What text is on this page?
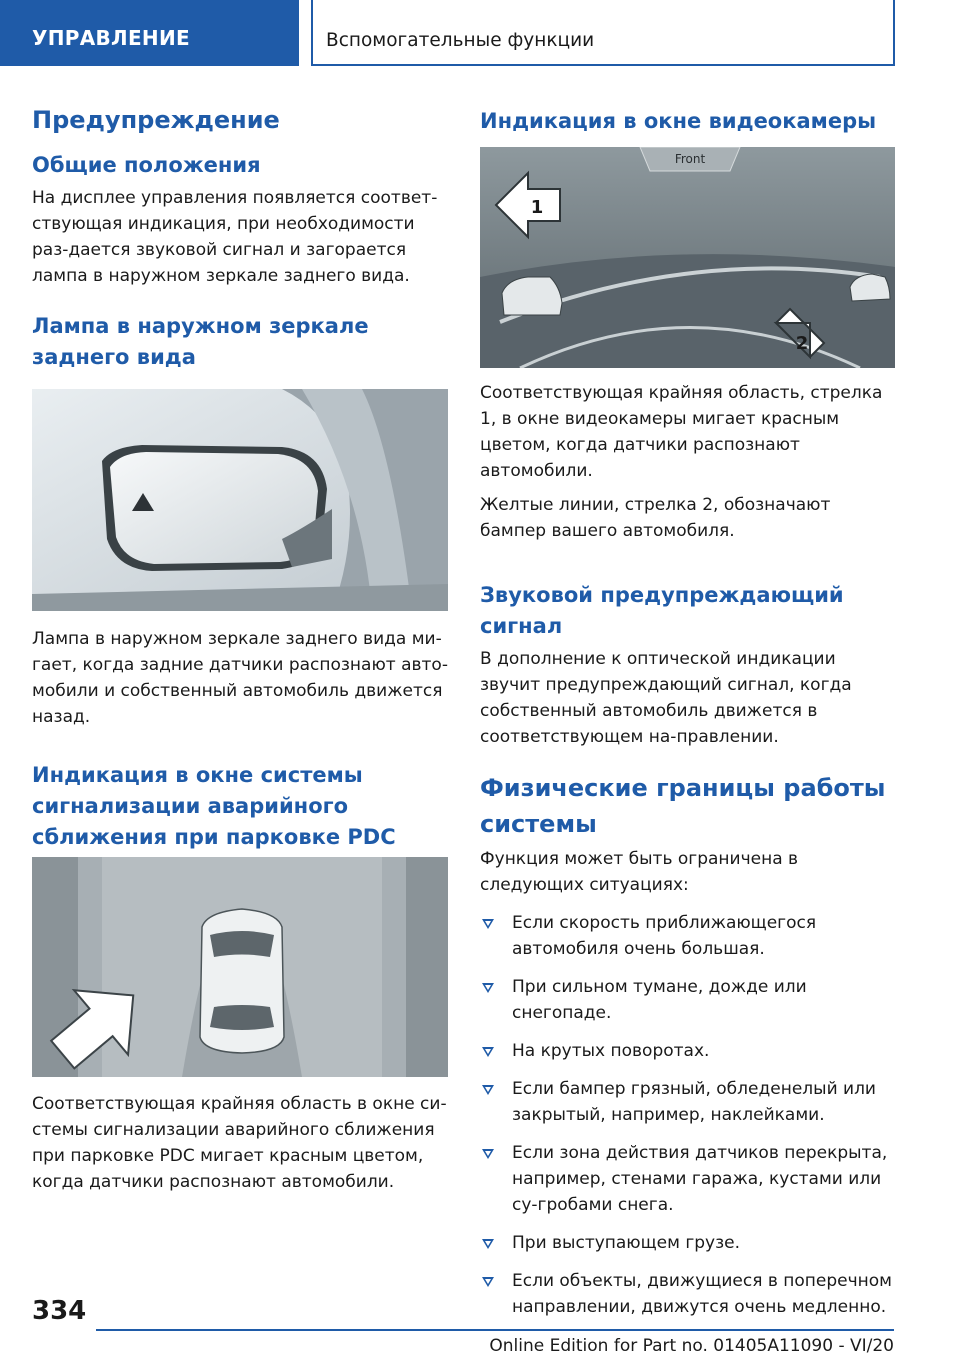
УПРАВЛЕНИЕ	Вспомогательные функции
Предупреждение
Общие положения

На дисплее управления появляется соответ-ствующая индикация, при необходимости раз-дается звуковой сигнал и загорается лампа в наружном зеркале заднего вида.

Лампа в наружном зеркале заднего вида

Лампа в наружном зеркале заднего вида ми-гает, когда задние датчики распознают авто-мобили и собственный автомобиль движется назад.

Индикация в окне системы сигнализации аварийного сближения при парковке PDC

Соответствующая крайняя область в окне си-стемы сигнализации аварийного сближения при парковке PDC мигает красным цветом, когда датчики распознают автомобили.

Индикация в окне видеокамеры
Front
1
2

Соответствующая крайняя область, стрелка 1, в окне видеокамеры мигает красным цветом, когда датчики распознают автомобили.

Желтые линии, стрелка 2, обозначают бампер вашего автомобиля.

Звуковой предупреждающий сигнал

В дополнение к оптической индикации звучит предупреждающий сигнал, когда собственный автомобиль движется в соответствующем на-правлении.

Физические границы работы системы

Функция может быть ограничена в следующих ситуациях:

Если скорость приближающегося автомобиля очень большая.
При сильном тумане, дожде или снегопаде.
На крутых поворотах.
Если бампер грязный, обледенелый или закрытый, например, наклейками.
Если зона действия датчиков перекрыта, например, стенами гаража, кустами или су-гробами снега.
При выступающем грузе.
Если объекты, движущиеся в поперечном направлении, движутся очень медленно.
334
Online Edition for Part no. 01405A11090 - VI/20
